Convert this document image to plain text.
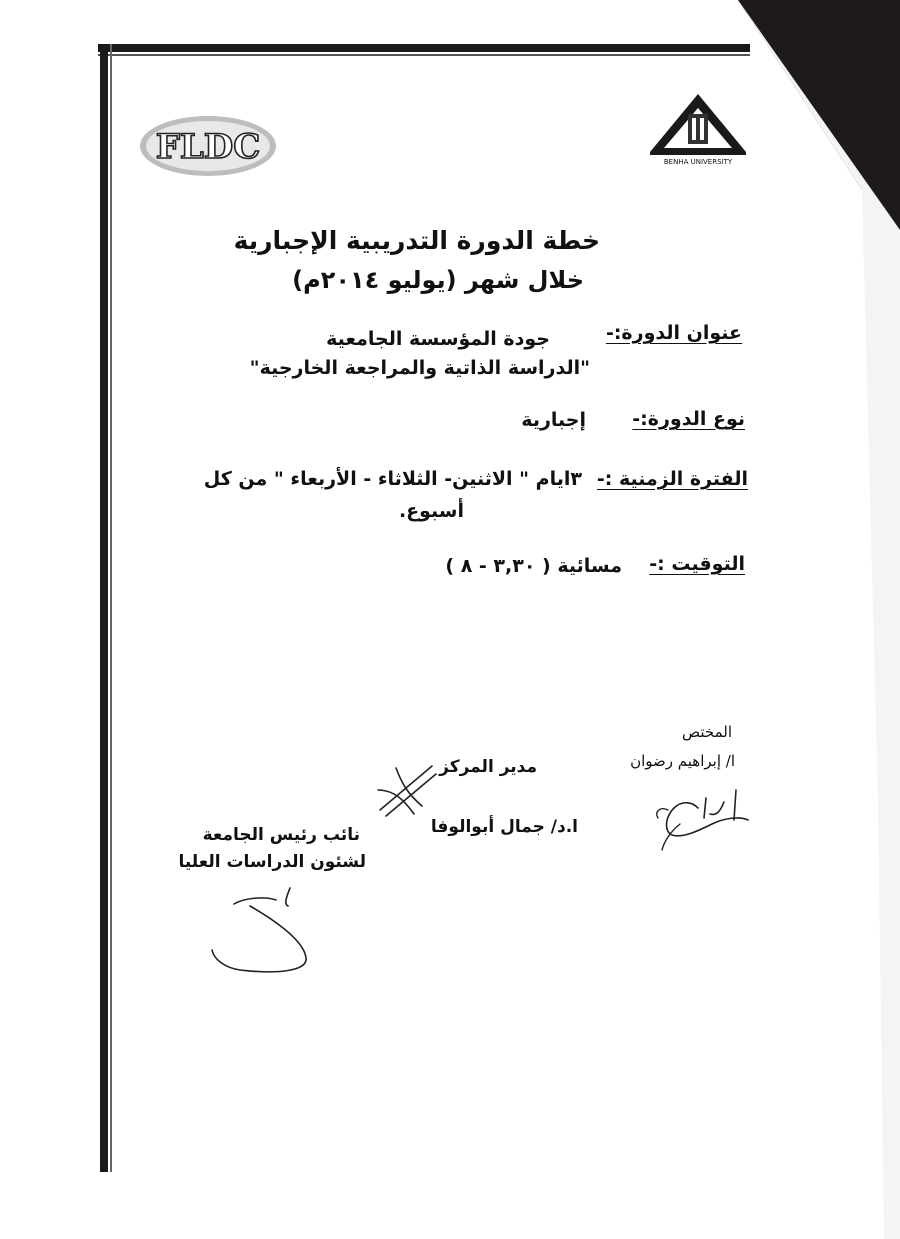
FLDC	BENHA UNIVERSITY
خطة الدورة التدريبية الإجبارية
خلال شهر (يوليو ٢٠١٤م)
عنوان الدورة:-
جودة المؤسسة الجامعية
"الدراسة الذاتية والمراجعة الخارجية"
نوع الدورة:-
إجبارية
الفترة الزمنية :-
٣ايام " الاثنين- الثلاثاء - الأربعاء " من كل
أسبوع.
التوقيت :-
مسائية ( ٣,٣٠ - ٨ )
المختص
ا/ إبراهيم رضوان
مدير المركز
ا.د/ جمال أبوالوفا
نائب رئيس الجامعة
لشئون الدراسات العليا
